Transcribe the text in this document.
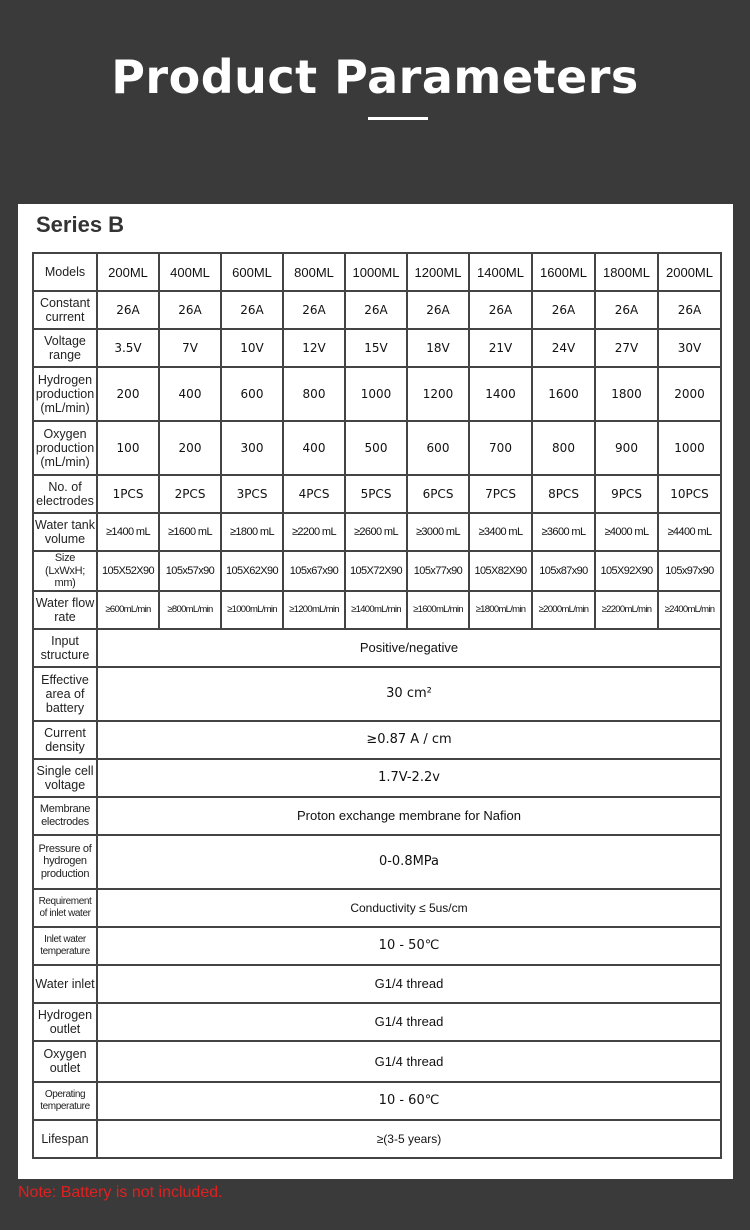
Product Parameters
Series B
Models	200ML	400ML	600ML	800ML	1000ML	1200ML	1400ML	1600ML	1800ML	2000ML
Constant current	26A	26A	26A	26A	26A	26A	26A	26A	26A	26A
Voltage range	3.5V	7V	10V	12V	15V	18V	21V	24V	27V	30V
Hydrogen production (mL/min)	200	400	600	800	1000	1200	1400	1600	1800	2000
Oxygen production (mL/min)	100	200	300	400	500	600	700	800	900	1000
No. of electrodes	1PCS	2PCS	3PCS	4PCS	5PCS	6PCS	7PCS	8PCS	9PCS	10PCS
Water tank volume	≥1400 mL	≥1600 mL	≥1800 mL	≥2200 mL	≥2600 mL	≥3000 mL	≥3400 mL	≥3600 mL	≥4000 mL	≥4400 mL
Size (LxWxH; mm)	105X52X90	105x57x90	105X62X90	105x67x90	105X72X90	105x77x90	105X82X90	105x87x90	105X92X90	105x97x90
Water flow rate	≥600mL/min	≥800mL/min	≥1000mL/min	≥1200mL/min	≥1400mL/min	≥1600mL/min	≥1800mL/min	≥2000mL/min	≥2200mL/min	≥2400mL/min
Input structure	Positive/negative									
Effective area of battery	30 cm²									
Current density	≥0.87 A / cm									
Single cell voltage	1.7V-2.2v									
Membrane electrodes	Proton exchange membrane for Nafion									
Pressure of hydrogen production	0-0.8MPa									
Requirement of inlet water	Conductivity ≤ 5us/cm									
Inlet water temperature	10 - 50℃									
Water inlet	G1/4 thread									
Hydrogen outlet	G1/4 thread									
Oxygen outlet	G1/4 thread									
Operating temperature	10 - 60℃									
Lifespan	≥(3-5 years)									
Note: Battery is not included.
